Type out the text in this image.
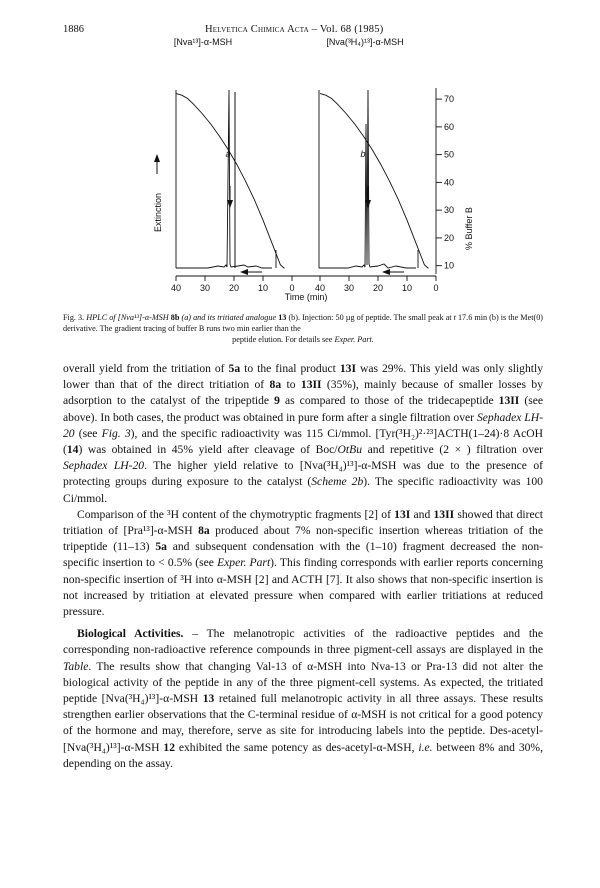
1886	Helvetica Chimica Acta – Vol. 68 (1985)
[Nva¹³]-α-MSH	[Nva(³H₄)¹³]-α-MSH
Extinction	% Buffer B
40 30 20 10 0 40 30 20 10 0
Time (min)
70
60
50
40
30
20
10
a	b
Fig. 3. HPLC of [Nva¹³]-α-MSH 8b (a) and its tritiated analogue 13 (b). Injection: 50 µg of peptide. The small peak at t 17.6 min (b) is the Met(0) derivative. The gradient tracing of buffer B runs two min earlier than the
peptide elution. For details see Exper. Part.

overall yield from the tritiation of 5a to the final product 13I was 29%. This yield was only slightly lower than that of the direct tritiation of 8a to 13II (35%), mainly because of smaller losses by adsorption to the catalyst of the tripeptide 9 as compared to those of the tridecapeptide 13II (see above). In both cases, the product was obtained in pure form after a single filtration over Sephadex LH-20 (see Fig. 3), and the specific radioactivity was 115 Ci/mmol. [Tyr(³H₂)²·²³]ACTH(1–24)·8 AcOH (14) was obtained in 45% yield after cleavage of Boc/OtBu and repetitive (2 × ) filtration over Sephadex LH-20. The higher yield relative to [Nva(³H₄)¹³]-α-MSH was due to the presence of protecting groups during exposure to the catalyst (Scheme 2b). The specific radioactivity was 100 Ci/mmol.

Comparison of the ³H content of the chymotryptic fragments [2] of 13I and 13II showed that direct tritiation of [Pra¹³]-α-MSH 8a produced about 7% non-specific insertion whereas tritiation of the tripeptide (11–13) 5a and subsequent condensation with the (1–10) fragment decreased the non-specific insertion to < 0.5% (see Exper. Part). This finding corresponds with earlier reports concerning non-specific insertion of ³H into α-MSH [2] and ACTH [7]. It also shows that non-specific insertion is not increased by tritiation at elevated pressure when compared with earlier tritiations at reduced pressure.

Biological Activities. – The melanotropic activities of the radioactive peptides and the corresponding non-radioactive reference compounds in three pigment-cell assays are displayed in the Table. The results show that changing Val-13 of α-MSH into Nva-13 or Pra-13 did not alter the biological activity of the peptide in any of the three pigment-cell systems. As expected, the tritiated peptide [Nva(³H₄)¹³]-α-MSH 13 retained full melanotropic activity in all three assays. These results strengthen earlier observations that the C-terminal residue of α-MSH is not critical for a good potency of the hormone and may, therefore, serve as site for introducing labels into the peptide. Des-acetyl-[Nva(³H₄)¹³]-α-MSH 12 exhibited the same potency as des-acetyl-α-MSH, i.e. between 8% and 30%, depending on the assay.
